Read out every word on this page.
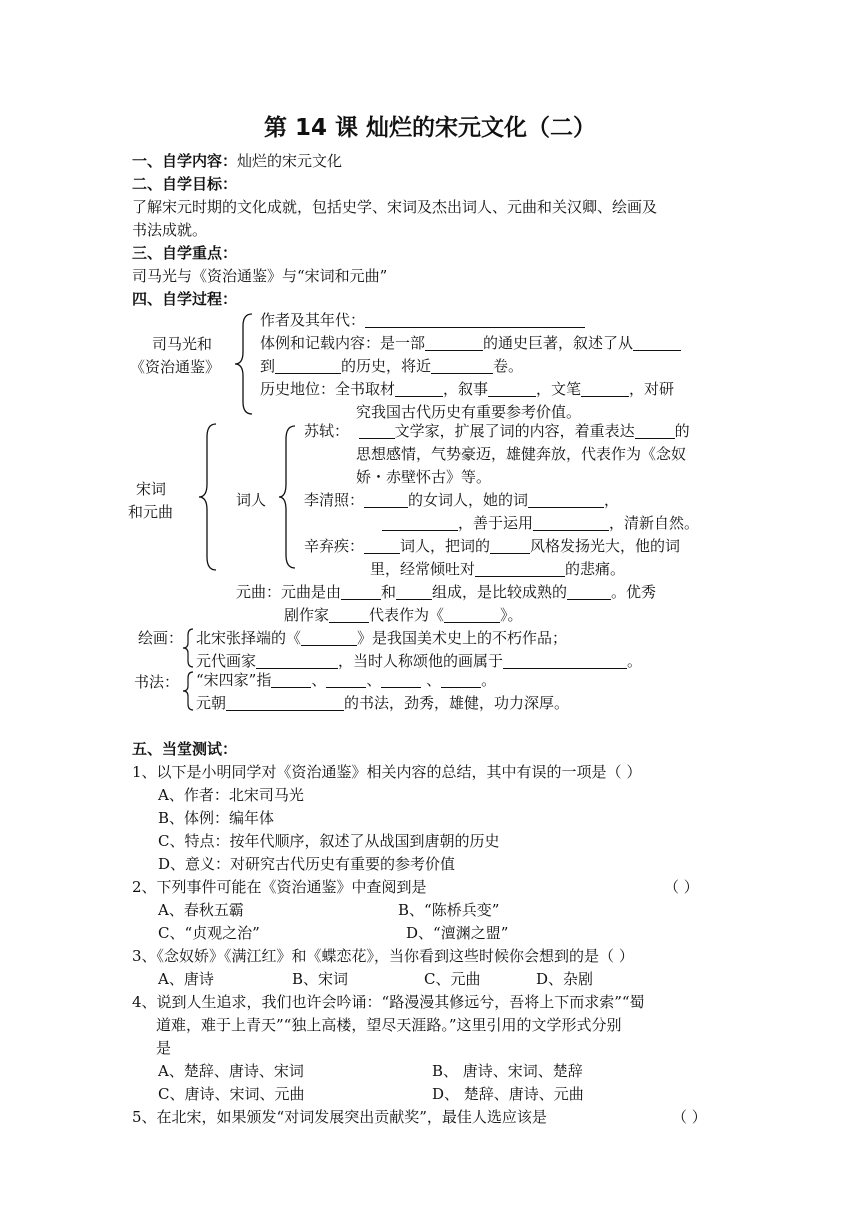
第 14 课 灿烂的宋元文化（二）
一、自学内容：灿烂的宋元文化
二、自学目标：
了解宋元时期的文化成就，包括史学、宋词及杰出词人、元曲和关汉卿、绘画及
书法成就。
三、自学重点：
司马光与《资治通鉴》与“宋词和元曲”
四、自学过程：
司马光和
《资治通鉴》
作者及其年代：
体例和记载内容：是一部	的通史巨著，叙述了从
到	的历史，将近	卷。
历史地位：全书取材	，叙事	，文笔	，对研
究我国古代历史有重要参考价值。
宋词
和元曲
词人
苏轼：	文学家，扩展了词的内容，着重表达	的
思想感情，气势豪迈，雄健奔放，代表作为《念奴
娇・赤壁怀古》等。
李清照：	的女词人，她的词	，
，善于运用	，清新自然。
辛弃疾： 词人，把词的	风格发扬光大，他的词
里，经常倾吐对	的悲痛。
元曲：元曲是由	和 组成，是比较成熟的	。优秀
剧作家	代表作为《	》。
绘画： 北宋张择端的《	》是我国美术史上的不朽作品；
元代画家	，当时人称颂他的画属于	。
书法： “宋四家”指	、	、	、	。
元朝	的书法，劲秀，雄健，功力深厚。
五、当堂测试：
1、以下是小明同学对《资治通鉴》相关内容的总结，其中有误的一项是（ ）
A、作者：北宋司马光
B、体例：编年体
C、特点：按年代顺序，叙述了从战国到唐朝的历史
D、意义：对研究古代历史有重要的参考价值
2、下列事件可能在《资治通鉴》中查阅到是	（ ）
A、春秋五霸	B、“陈桥兵变”
C、“贞观之治”	D、“澶渊之盟”
3、《念奴娇》《满江红》和《蝶恋花》，当你看到这些时候你会想到的是（ ）
A、唐诗	B、宋词	C、元曲	D、杂剧
4、说到人生追求，我们也许会吟诵：“路漫漫其修远兮，吾将上下而求索”“蜀
道难，难于上青天”“独上高楼，望尽天涯路。”这里引用的文学形式分别
是
A、楚辞、唐诗、宋词	B、 唐诗、宋词、楚辞
C、唐诗、宋词、元曲	D、 楚辞、唐诗、元曲
5、在北宋，如果颁发“对词发展突出贡献奖”，最佳人选应该是	（ ）
